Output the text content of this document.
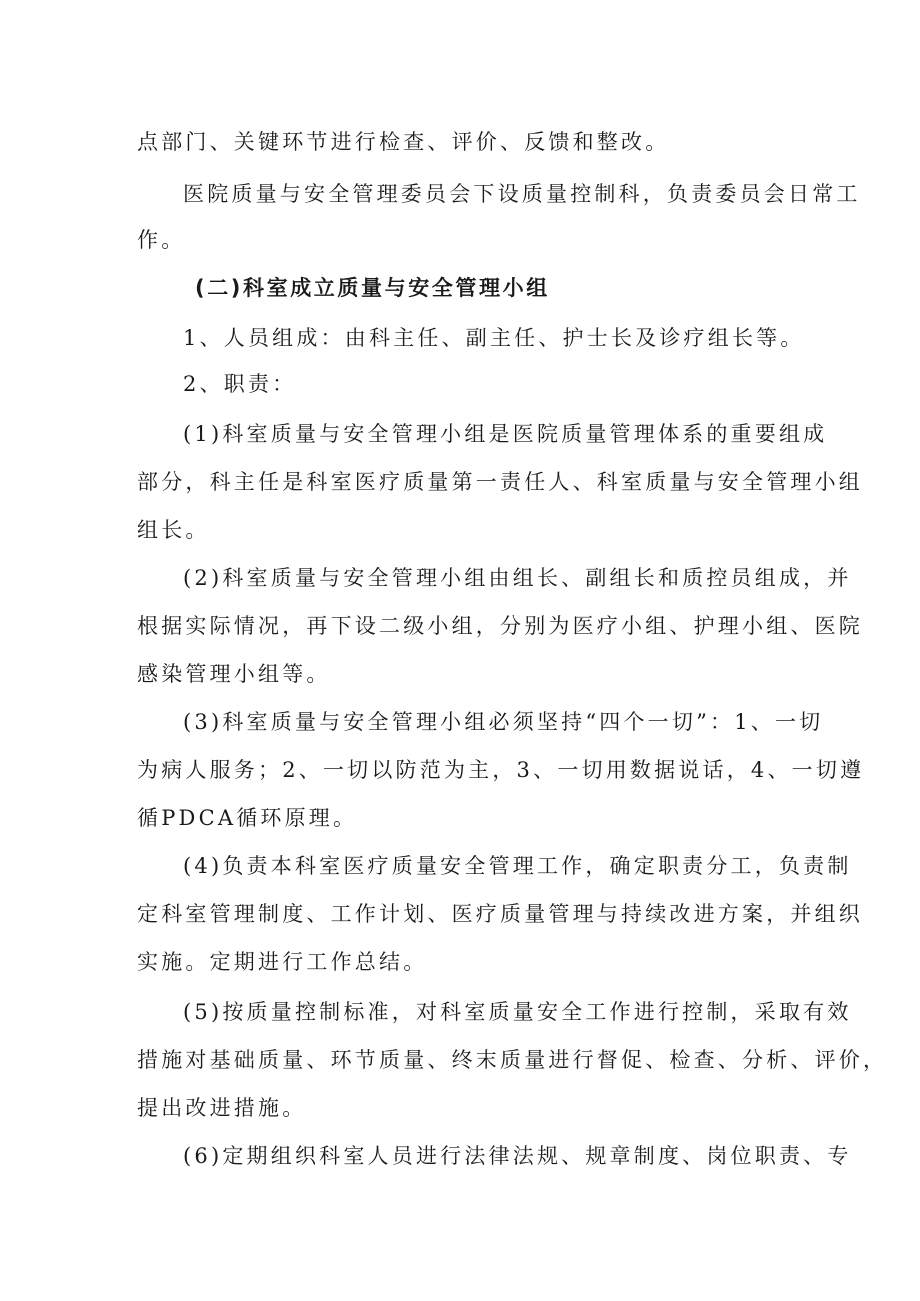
点部门、关键环节进行检查、评价、反馈和整改。
医院质量与安全管理委员会下设质量控制科，负责委员会日常工
作。
(二)科室成立质量与安全管理小组
1、人员组成：由科主任、副主任、护士长及诊疗组长等。
2、职责：
(1)科室质量与安全管理小组是医院质量管理体系的重要组成
部分，科主任是科室医疗质量第一责任人、科室质量与安全管理小组
组长。
(2)科室质量与安全管理小组由组长、副组长和质控员组成，并
根据实际情况，再下设二级小组，分别为医疗小组、护理小组、医院
感染管理小组等。
(3)科室质量与安全管理小组必须坚持“四个一切”：1、一切
为病人服务；2、一切以防范为主，3、一切用数据说话，4、一切遵
循PDCA循环原理。
(4)负责本科室医疗质量安全管理工作，确定职责分工，负责制
定科室管理制度、工作计划、医疗质量管理与持续改进方案，并组织
实施。定期进行工作总结。
(5)按质量控制标准，对科室质量安全工作进行控制，采取有效
措施对基础质量、环节质量、终末质量进行督促、检查、分析、评价，
提出改进措施。
(6)定期组织科室人员进行法律法规、规章制度、岗位职责、专
